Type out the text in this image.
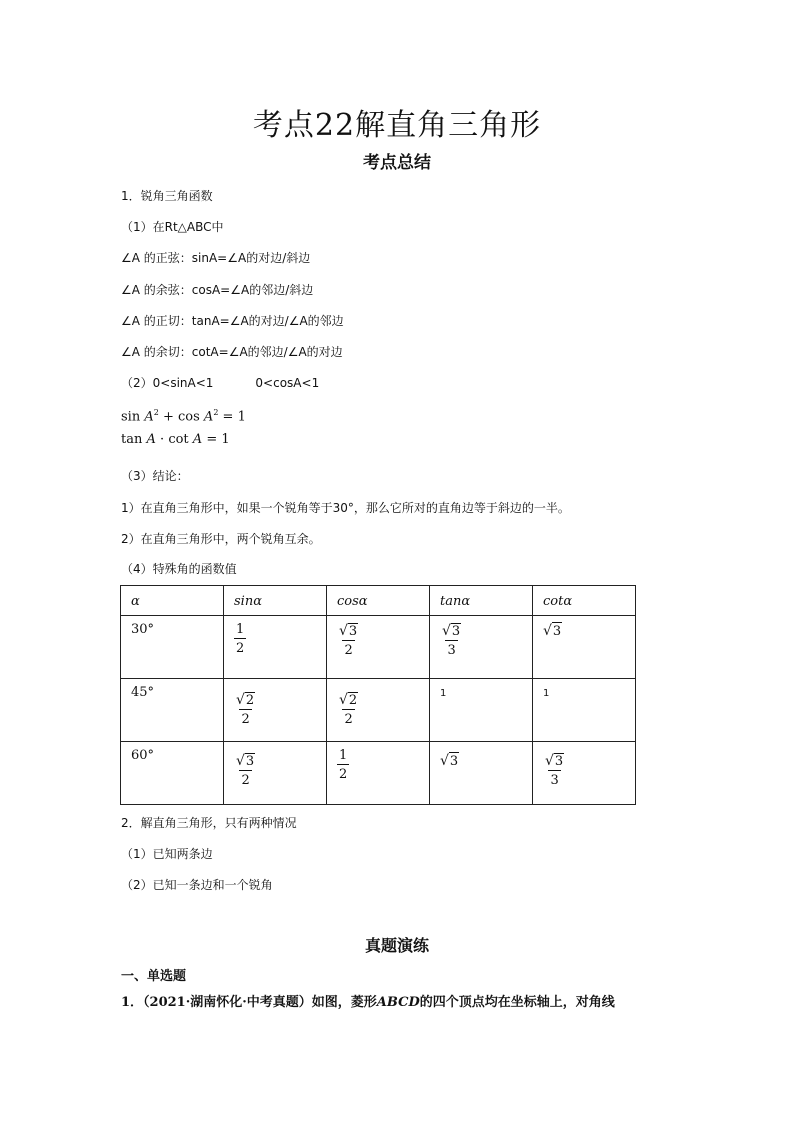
考点22解直角三角形
考点总结
1．锐角三角函数
（1）在Rt△ABC中
∠A 的正弦：sinA=∠A的对边/斜边
∠A 的余弦：cosA=∠A的邻边/斜边
∠A 的正切：tanA=∠A的对边/∠A的邻边
∠A 的余切：cotA=∠A的邻边/∠A的对边
（2）0<sinA<1	0<cosA<1
$\sin A^2 + \cos A^2 = 1$
tan A · cot A = 1
（3）结论：
1）在直角三角形中，如果一个锐角等于30°，那么它所对的直角边等于斜边的一半。
2）在直角三角形中，两个锐角互余。
（4）特殊角的函数值
α	sinα	cosα	tanα	cotα
30°	$\frac{1}{2}$	$\frac{√ 3}{2}$	$\frac{√ 3}{3}$	√ 3

45°	$\frac{√ 2}{2}$	$\frac{√ 2}{2}$	1	1
60°	$\frac{√ 3}{2}$	$\frac{1}{2}$	√ 3	$\frac{√ 3}{3}$
2．解直角三角形，只有两种情况
（1）已知两条边
（2）已知一条边和一个锐角
真题演练
一、单选题
1．（2021·湖南怀化·中考真题）如图，菱形ABCD的四个顶点均在坐标轴上，对角线
